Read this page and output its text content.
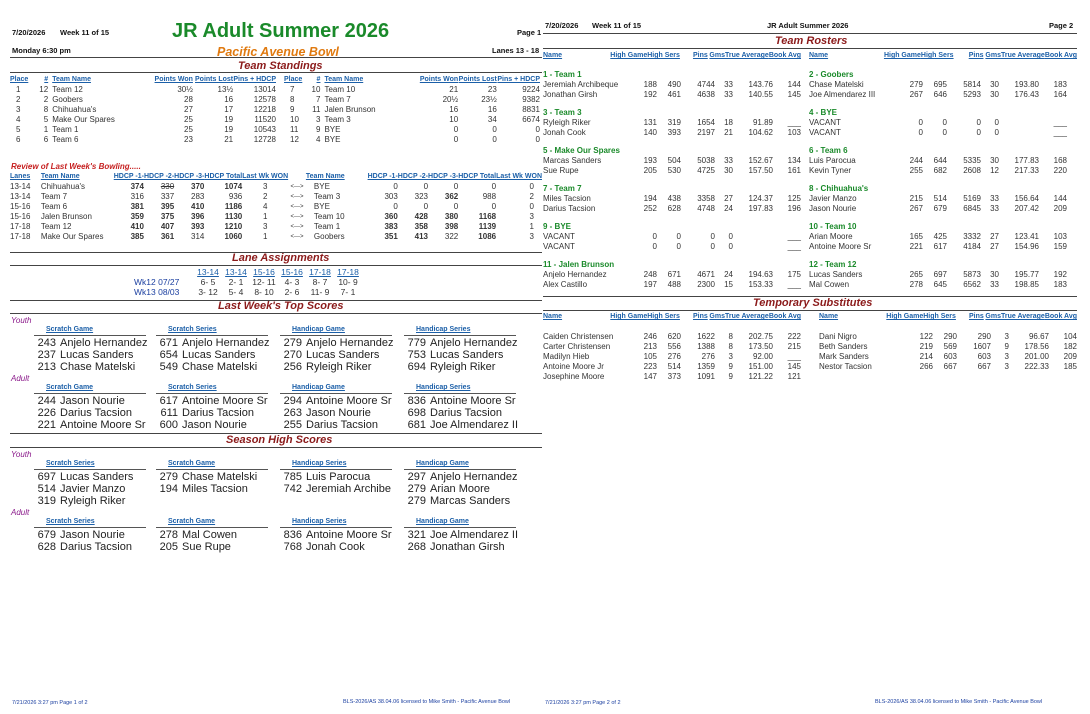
7/20/2026 Week 11 of 15	JR Adult Summer 2026	Page 1
Monday 6:30 pm	Pacific Avenue Bowl	Lanes 13 - 18
Team Standings
Place	#	Team Name	Points Won	Points Lost	Pins + HDCP
1	12	Team 12	30½	13½	13014
2	2	Goobers	28	16	12578
3	8	Chihuahua's	27	17	12218
4	5	Make Our Spares	25	19	11520
5	1	Team 1	25	19	10543
6	6	Team 6	23	21	12728
Place	#	Team Name	Points Won	Points Lost	Pins + HDCP
7	10	Team 10	21	23	9224
8	7	Team 7	20½	23½	9382
9	11	Jalen Brunson	16	16	8831
10	3	Team 3	10	34	6674
11	9	BYE	0	0	0
12	4	BYE	0	0	0
Review of Last Week's Bowling.....
Lanes	Team Name	HDCP -1-	HDCP -2-	HDCP -3-	HDCP Total	Last Wk WON		Team Name	HDCP -1-	HDCP -2-	HDCP -3-	HDCP Total	Last Wk WON
13-14	Chihuahua's	374	330	370	1074	3	<--->	BYE	0	0	0	0	0
13-14	Team 7	316	337	283	936	2	<--->	Team 3	303	323	362	988	2
15-16	Team 6	381	395	410	1186	4	<--->	BYE	0	0	0	0	0
15-16	Jalen Brunson	359	375	396	1130	1	<--->	Team 10	360	428	380	1168	3
17-18	Team 12	410	407	393	1210	3	<--->	Team 1	383	358	398	1139	1
17-18	Make Our Spares	385	361	314	1060	1	<--->	Goobers	351	413	322	1086	3
Lane Assignments
	13-14	13-14	15-16	15-16	17-18	17-18
Wk12 07/27	6- 5	2- 1	12- 11	4- 3	8- 7	10- 9
Wk13 08/03	3- 12	5- 4	8- 10	2- 6	11- 9	7- 1
Last Week's Top Scores
Youth
Scratch Game
243 Anjelo Hernandez
237 Lucas Sanders
213 Chase Matelski
Scratch Series
671 Anjelo Hernandez
654 Lucas Sanders
549 Chase Matelski
Handicap Game
279 Anjelo Hernandez
270 Lucas Sanders
256 Ryleigh Riker
Handicap Series
779 Anjelo Hernandez
753 Lucas Sanders
694 Ryleigh Riker
Adult
Scratch Game
244 Jason Nourie
226 Darius Tacsion
221 Antoine Moore Sr
Scratch Series
617 Antoine Moore Sr
611 Darius Tacsion
600 Jason Nourie
Handicap Game
294 Antoine Moore Sr
263 Jason Nourie
255 Darius Tacsion
Handicap Series
836 Antoine Moore Sr
698 Darius Tacsion
681 Joe Almendarez II
Season High Scores
Youth
Scratch Series
697 Lucas Sanders
514 Javier Manzo
319 Ryleigh Riker
Scratch Game
279 Chase Matelski
194 Miles Tacsion
Handicap Series
785 Luis Parocua
742 Jeremiah Archibe
Handicap Game
297 Anjelo Hernandez
279 Arian Moore
279 Marcas Sanders
Adult
Scratch Series
679 Jason Nourie
628 Darius Tacsion
Scratch Game
278 Mal Cowen
205 Sue Rupe
Handicap Series
836 Antoine Moore Sr
768 Jonah Cook
Handicap Game
321 Joe Almendarez II
268 Jonathan Girsh
7/21/2026 3:27 pm Page 1 of 2	BLS-2026/AS 38.04.06 licensed to Mike Smith - Pacific Avenue Bowl
7/20/2026 Week 11 of 15	JR Adult Summer 2026	Page 2
Team Rosters
Name	High Game	High Sers	Pins	Gms	True Average	Book Avg Name	High Game	High Sers	Pins	Gms	True Average	Book Avg
1 - Team 1
Jeremiah Archibeque	188	490	4744	33	143.76	144
Jonathan Girsh	192	461	4638	33	140.55	145
3 - Team 3
Ryleigh Riker	131	319	1654	18	91.89	___
Jonah Cook	140	393	2197	21	104.62	103
5 - Make Our Spares
Marcas Sanders	193	504	5038	33	152.67	134
Sue Rupe	205	530	4725	30	157.50	161
7 - Team 7
Miles Tacsion	194	438	3358	27	124.37	125
Darius Tacsion	252	628	4748	24	197.83	196
9 - BYE
VACANT	0	0	0	0		___
VACANT	0	0	0	0		___
11 - Jalen Brunson
Anjelo Hernandez	248	671	4671	24	194.63	175
Alex Castillo	197	488	2300	15	153.33	___
2 - Goobers
Chase Matelski	279	695	5814	30	193.80	183
Joe Almendarez III	267	646	5293	30	176.43	164
4 - BYE
VACANT	0	0	0	0		___
VACANT	0	0	0	0		___
6 - Team 6
Luis Parocua	244	644	5335	30	177.83	168
Kevin Tyner	255	682	2608	12	217.33	220
8 - Chihuahua's
Javier Manzo	215	514	5169	33	156.64	144
Jason Nourie	267	679	6845	33	207.42	209
10 - Team 10
Arian Moore	165	425	3332	27	123.41	103
Antoine Moore Sr	221	617	4184	27	154.96	159
12 - Team 12
Lucas Sanders	265	697	5873	30	195.77	192
Mal Cowen	278	645	6562	33	198.85	183
Temporary Substitutes
Name	High Game	High Sers	Pins	Gms	True Average	Book Avg	Name	High Game	High Sers	Pins	Gms	True Average	Book Avg
Caiden Christensen	246	620	1622	8	202.75	222
Carter Christensen	213	556	1388	8	173.50	215
Madilyn Hieb	105	276	276	3	92.00	___
Antoine Moore Jr	223	514	1359	9	151.00	145
Josephine Moore	147	373	1091	9	121.22	121
Dani Nigro	122	290	290	3	96.67	104
Beth Sanders	219	569	1607	9	178.56	182
Mark Sanders	214	603	603	3	201.00	209
Nestor Tacsion	266	667	667	3	222.33	185
7/21/2026 3:27 pm Page 2 of 2	BLS-2026/AS 38.04.06 licensed to Mike Smith - Pacific Avenue Bowl
